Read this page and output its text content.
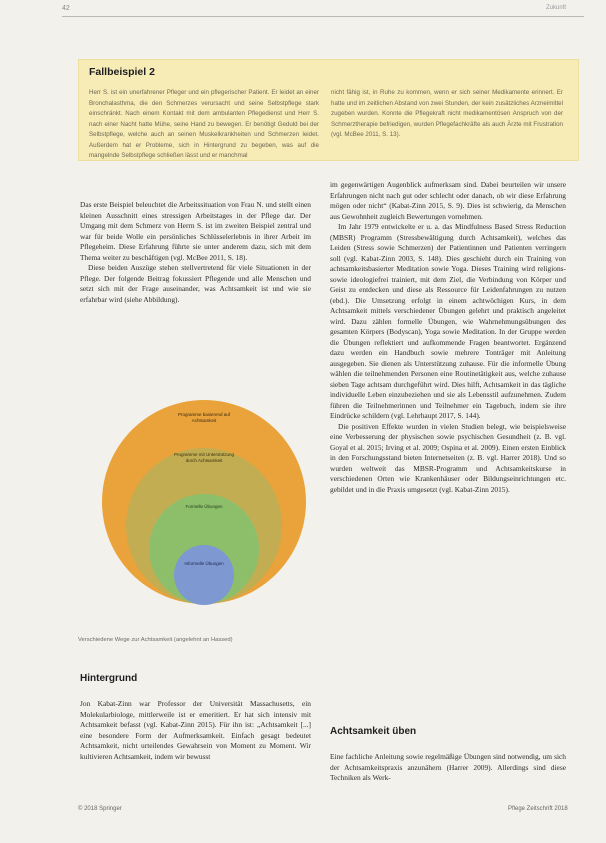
42	Zukunft
Fallbeispiel 2
Herr S. ist ein unerfahrener Pfleger und ein pflegerischer Patient. Er leidet an einer Bronchalasthma, die den Schmerzes verursacht und seine Selbstpflege stark einschränkt. Nach einem Kontakt mit dem ambulanten Pflegedienst und Herr S. nach einer Nacht hatte Mühe, seine Hand zu bewegen. Er benötigt Geduld bei der Selbstpflege, welche auch an seinen Muskelkrankheiten und Schmerzen leidet. Außerdem hat er Probleme, sich in Hintergrund zu begeben, was auf die mangelnde Selbstpflege schließen lässt und er manchmal
nicht fähig ist, in Ruhe zu kommen, wenn er sich seiner Medikamente erinnert. Er hatte und im zeitlichen Abstand von zwei Stunden, der kein zusätzliches Arzneimittel zugeben wurden. Konnte die Pflegekraft nicht medikamentösen Anspruch von der Schmerztherapie befriedigen, wurden Pflegefachkräfte als auch Ärzte mit Frustration (vgl. McBee 2011, S. 13).

Das erste Beispiel beleuchtet die Arbeitssituation von Frau N. und stellt einen kleinen Ausschnitt eines stressigen Arbeitstages in der Pflege dar. Der Umgang mit dem Schmerz von Herrn S. ist im zweiten Beispiel zentral und war für beide Wolle ein persönliches Schlüsselerlebnis in ihrer Arbeit im Pflegeheim. Diese Erfahrung führte sie unter anderem dazu, sich mit dem Thema weiter zu beschäftigen (vgl. McBee 2011, S. 18).

Diese beiden Auszüge stehen stellvertretend für viele Situationen in der Pflege. Der folgende Beitrag fokussiert Pflegende und alle Menschen und setzt sich mit der Frage auseinander, was Achtsamkeit ist und wie sie erfahrbar wird (siehe Abbildung).

Programme basierend auf Achtsamkeit
Programme mit Unterstützung durch Achtsamkeit
Formelle Übungen
Informelle Übungen
Verschiedene Wege zur Achtsamkeit (angelehnt an Hassed)
Hintergrund

Jon Kabat-Zinn war Professor der Universität Massachusetts, ein Molekularbiologe, mittlerweile ist er emeritiert. Er hat sich intensiv mit Achtsamkeit befasst (vgl. Kabat-Zinn 2015). Für ihn ist: „Achtsamkeit [...] eine besondere Form der Aufmerksamkeit. Einfach gesagt bedeutet Achtsamkeit, nicht urteilendes Gewahrsein von Moment zu Moment. Wir kultivieren Achtsamkeit, indem wir bewusst

im gegenwärtigen Augenblick aufmerksam sind. Dabei beurteilen wir unsere Erfahrungen nicht nach gut oder schlecht oder danach, ob wir diese Erfahrung mögen oder nicht“ (Kabat-Zinn 2015, S. 9). Dies ist schwierig, da Menschen aus Gewohnheit zugleich Bewertungen vornehmen.

Im Jahr 1979 entwickelte er u. a. das Mindfulness Based Stress Reduction (MBSR) Programm (Stressbewältigung durch Achtsamkeit), welches das Leiden (Stress sowie Schmerzen) der Patientinnen und Patienten verringern soll (vgl. Kabat-Zinn 2003, S. 148). Dies geschieht durch ein Training von achtsamkeitsbasierter Meditation sowie Yoga. Dieses Training wird religions- sowie ideologiefrei trainiert, mit dem Ziel, die Verbindung von Körper und Geist zu entdecken und diese als Ressource für Leidenfahrungen zu nutzen (ebd.). Die Umsetzung erfolgt in einem achtwöchigen Kurs, in dem Achtsamkeit mittels verschiedener Übungen gelehrt und praktisch angeleitet wird. Dazu zählen formelle Übungen, wie Wahrnehmungsübungen des gesamten Körpers (Bodyscan), Yoga sowie Meditation. In der Gruppe werden die Übungen reflektiert und aufkommende Fragen beantwortet. Ergänzend dazu werden ein Handbuch sowie mehrere Tonträger mit Anleitung ausgegeben. Sie dienen als Unterstützung zuhause. Für die informelle Übung wählen die teilnehmenden Personen eine Routinetätigkeit aus, welche zuhause sieben Tage achtsam durchgeführt wird. Dies hilft, Achtsamkeit in das tägliche individuelle Leben einzubeziehen und sie als Lebensstil aufzunehmen. Zudem führen die Teilnehmerinnen und Teilnehmer ein Tagebuch, indem sie ihre Eindrücke schildern (vgl. Lehrhaupt 2017, S. 144).

Die positiven Effekte wurden in vielen Studien belegt, wie beispielsweise eine Verbesserung der physischen sowie psychischen Gesundheit (z. B. vgl. Goyal et al. 2015; Irving et al. 2009; Ospina et al. 2009). Einen ersten Einblick in den Forschungsstand bieten Internetseiten (z. B. vgl. Harrer 2018). Und so wurden weltweit das MBSR-Programm und Achtsamkeitskurse in verschiedenen Orten wie Krankenhäuser oder Bildungseinrichtungen etc. gebildet und in die Praxis umgesetzt (vgl. Kabat-Zinn 2015).

Achtsamkeit üben

Eine fachliche Anleitung sowie regelmäßige Übungen sind notwendig, um sich der Achtsamkeitspraxis anzunähern (Harrer 2009). Allerdings sind diese Techniken als Werk-

© 2018 Springer	Pflege Zeitschrift 2018
